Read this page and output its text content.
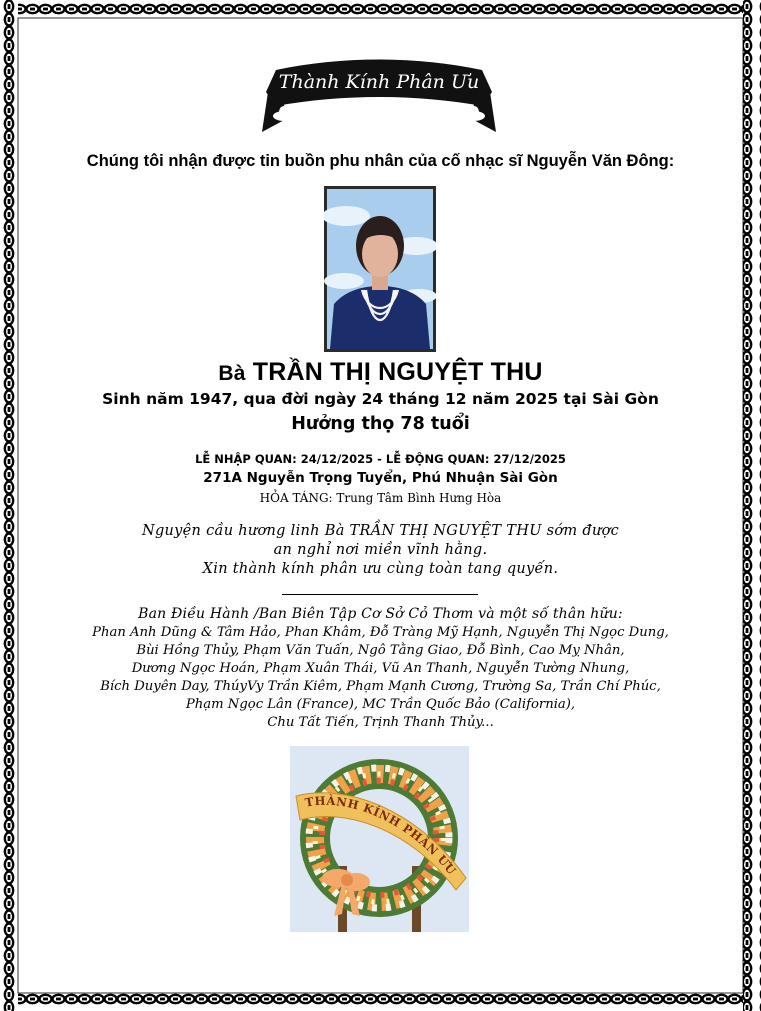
Thành Kính Phân Ưu
Chúng tôi nhận được tin buồn phu nhân của cố nhạc sĩ Nguyễn Văn Đông:
Bà TRẦN THỊ NGUYỆT THU
Sinh năm 1947, qua đời ngày 24 tháng 12 năm 2025 tại Sài Gòn
Hưởng thọ 78 tuổi
LỄ NHẬP QUAN: 24/12/2025 - LỄ ĐỘNG QUAN: 27/12/2025
271A Nguyễn Trọng Tuyển, Phú Nhuận Sài Gòn
HỎA TÁNG: Trung Tâm Bình Hưng Hòa
Nguyện cầu hương linh Bà TRẦN THỊ NGUYỆT THU sớm được
an nghỉ nơi miền vĩnh hằng.
Xin thành kính phân ưu cùng toàn tang quyến.
Ban Điều Hành /Ban Biên Tập Cơ Sở Cỏ Thơm và một số thân hữu:
Phan Anh Dũng & Tâm Hảo, Phan Khâm, Đỗ Tràng Mỹ Hạnh, Nguyễn Thị Ngọc Dung,
Bùi Hồng Thủy, Phạm Văn Tuấn, Ngô Tằng Giao, Đỗ Bình, Cao Mỵ Nhân,
Dương Ngọc Hoán, Phạm Xuân Thái, Vũ An Thanh, Nguyễn Tường Nhung,
Bích Duyên Day, ThúyVy Trần Kiêm, Phạm Mạnh Cương, Trường Sa, Trần Chí Phúc,
Phạm Ngọc Lân (France), MC Trần Quốc Bảo (California),
Chu Tất Tiến, Trịnh Thanh Thủy...
THÀNH KÍNH PHÂN ƯU
